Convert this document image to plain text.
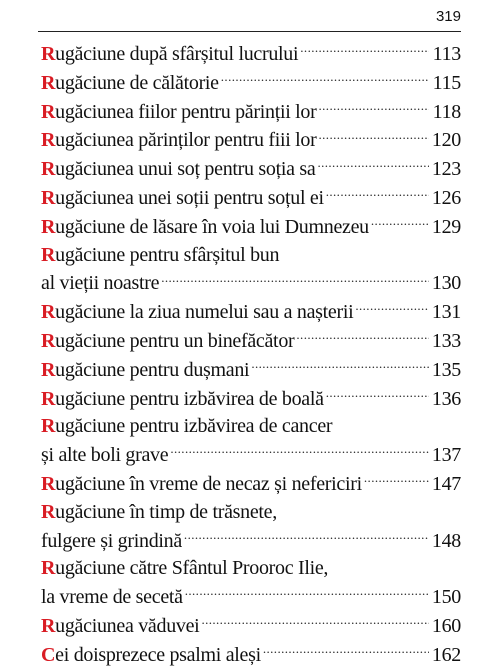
319
Rugăciune după sfârșitul lucrului .....	113
Rugăciune de călătorie .....	115
Rugăciunea fiilor pentru părinții lor .....	118
Rugăciunea părinților pentru fiii lor .....	120
Rugăciunea unui soț pentru soția sa .....	123
Rugăciunea unei soții pentru soțul ei .....	126
Rugăciune de lăsare în voia lui Dumnezeu .....	129
Rugăciune pentru sfârșitul bun
al vieții noastre .....	130
Rugăciune la ziua numelui sau a nașterii .....	131
Rugăciune pentru un binefăcător .....	133
Rugăciune pentru dușmani .....	135
Rugăciune pentru izbăvirea de boală .....	136
Rugăciune pentru izbăvirea de cancer
și alte boli grave .....	137
Rugăciune în vreme de necaz și nefericiri .....	147
Rugăciune în timp de trăsnete,
fulgere și grindină .....	148
Rugăciune către Sfântul Prooroc Ilie,
la vreme de secetă .....	150
Rugăciunea văduvei .....	160
Cei doisprezece psalmi aleși .....	162
